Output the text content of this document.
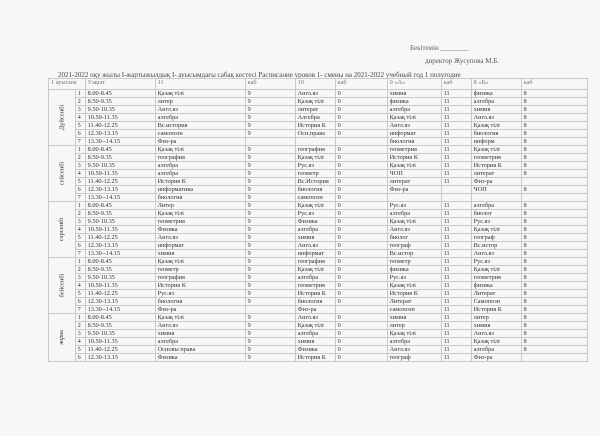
Бекітемін ________
директор Жусупова М.Б.
2021-2022 оқу жылы I-жартыжылдық I- ауысымдағы сабақ кестесі Расписание уроков 1- смены на 2021-2022 учебный год 1 полугодие
1 ауысым		Уақыт	11	каб	10	каб	9 «А»	каб	8 «Б»	каб
Дүйсенбі	1	8.00-8.45	Қазақ тілі	9	Англ.яз	0	химия	11	физика	8
	2	8.50-9.35	литер	9	Қазақ тілі	0	физика	11	алгебра	8
	3	9.50-10.35	Англ.яз	9	литерат	0	алгебра	11	химия	8
	4	10.50-11.35	алгебра	9	Алгебра	0	Қазақ тілі	11	Англ.яз	8
	5	11.40-12.25	Вс.история	9	История К	0	Англ.яз	11	Қазақ тілі	8
	6	12.30-13.15	самопозн	9	Осн.права	0	информат	11	биология	8
	7	13.30--14.15	Физ-ра				биология	11	информ	8
сейсенбі	1	8.00-8.45	Қазақ тілі	9	география	0	геометрия	11	Қазақ тілі	8
	2	8.50-9.35	география	9	Қазақ тілі	0	История К	11	геометрия	8
	3	9.50-10.35	алгебра	9	Рус.яз	0	Қазақ тілі	11	История К	8
	4	10.50-11.35	алгебра	9	геометр	0	ЧОП	11	литерат	8
	5	11.40-12.25	История К	9	Вс.История	0	литерат	11	Физ-ра	
	6	12.30-13.15	информатика	9	биология	0	Физ-ра		ЧОП	8
	7	13.30--14.15	биология	9	самопозн	0				
сәрсенбі	1	8.00-8.45	Литер	9	Қазақ тілі	0	Рус.яз	11	алгебра	8
	2	8.50-9.35	Қазақ тілі	9	Рус.яз	0	алгебра	11	биолог	8
	3	9.50-10.35	геометрия	9	Физика	0	Қазақ тілі	11	Рус.яз	8
	4	10.50-11.35	Физика	9	алгебра	0	Англ.яз	11	Қазақ тілі	8
	5	11.40-12.25	Англ.яз	9	химия	0	биолог	11	географ	8
	6	12.30-13.15	информат	9	Англ.яз	0	географ	11	Вс.истор	8
	7	13.30--14.15	химия	9	информат	0	Вс.истор	11	Англ.яз	8
бейсенбі	1	8.00-8.45	Қазақ тілі	9	география	0	геометр	11	Рус.яз	8
	2	8.50-9.35	геометр	9	Қазақ тілі	0	физика	11	Қазақ тілі	8
	3	9.50-10.35	география	9	алгебра	0	Рус.яз	11	геометрия	8
	4	10.50-11.35	История К	9	геометрия	0	Қазақ тілі	11	физика	8
	5	11.40-12.25	Рус.яз	9	История К	0	История К	11	Литерат	8
	6	12.30-13.15	биология	9	биология	0	Литерат	11	Самопозн	8
	7	13.30--14.15	Физ-ра		Физ-ра		самопозн	11	История К	8
жұма	1	8.00-8.45	Қазақ тілі	9	Англ.яз	0	химия	11	литер	8
	2	8.50-9.35	Англ.яз	9	Қазақ тілі	0	литер	11	химия	8
	3	9.50-10.35	химия	9	алгебра	0	Қазақ тілі	11	Англ.яз	8
	4	10.50-11.35	алгебра	9	химия	0	алгебра	11	Қазақ тілі	8
	5	11.40-12.25	Основы права	9	Физика	0	Англ.яз	11	алгебра	8
	6	12.30-13.15	Физика	9	История К	0	географ	11	Физ-ра	
